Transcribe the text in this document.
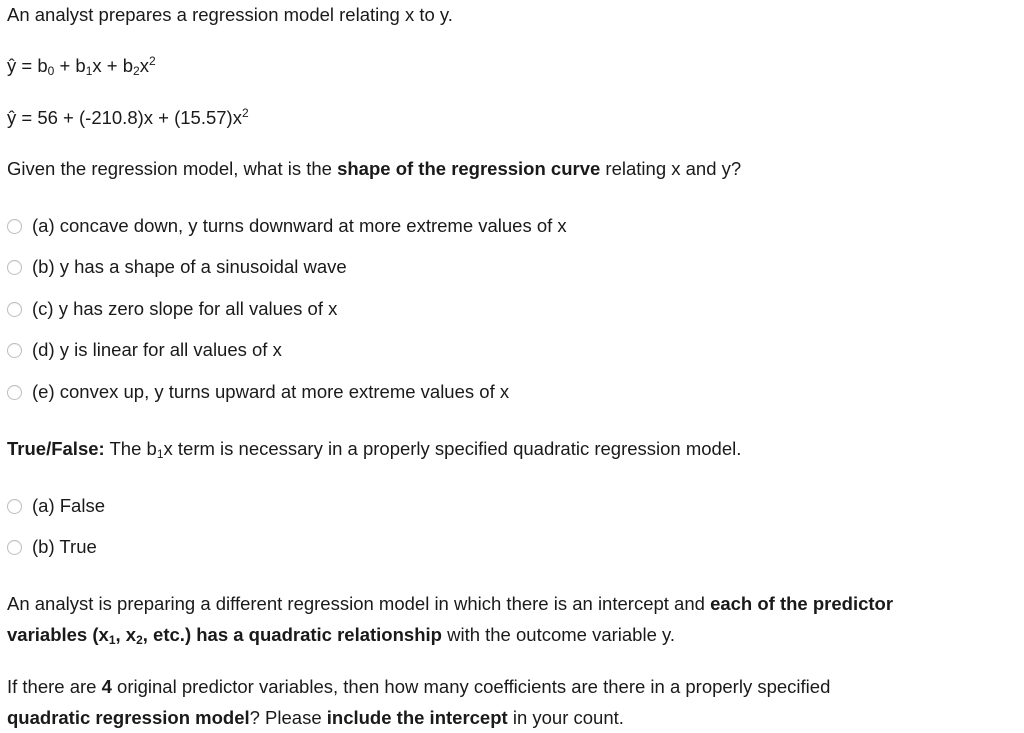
An analyst prepares a regression model relating x to y.
ŷ = $b_0 + b_1x + b_2x^2$
ŷ = $56 + (-210.8)x + (15.57)x^2$
Given the regression model, what is the shape of the regression curve relating x and y?
(a) concave down, y turns downward at more extreme values of x
(b) y has a shape of a sinusoidal wave
(c) y has zero slope for all values of x
(d) y is linear for all values of x
(e) convex up, y turns upward at more extreme values of x
True/False: The $b_1x$ term is necessary in a properly specified quadratic regression model.
(a) False
(b) True
An analyst is preparing a different regression model in which there is an intercept and each of the predictor
variables ($x_1$, $x_2$, etc.) has a quadratic relationship with the outcome variable y.
If there are 4 original predictor variables, then how many coefficients are there in a properly specified
quadratic regression model? Please include the intercept in your count.
